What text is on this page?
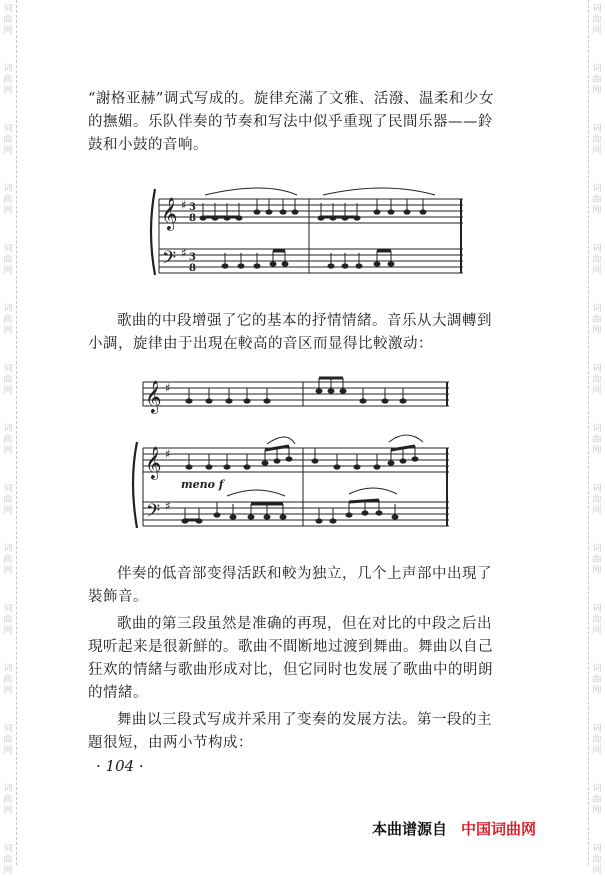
词
曲
网
词
曲
网
词
曲
网
词
曲
网
词
曲
网
词
曲
网
词
曲
网
词
曲
网
词
曲
网
词
曲
网
词
曲
网
词
曲
网
词
曲
网
词
曲
网
词
曲
网
词
曲
网
词
曲
网
词
曲
网
词
曲
网
词
曲
网
词
曲
网
词
曲
网
词
曲
网
词
曲
网
词
曲
网
词
曲
网
词
曲
网
词
曲
网
词
曲
网
词
曲
网

“謝格亚赫”调式写成的。旋律充滿了文雅、活潑、温柔和少女的撫媚。乐队伴奏的节奏和写法中似乎重现了民間乐器——鈴鼓和小鼓的音响。

𝄞
𝄢
♯
♯
3
8
3
8

歌曲的中段增强了它的基本的抒情情緒。音乐从大調轉到小調，旋律由于出現在較高的音区而显得比較激动：

𝄞
𝄞
𝄢
♯
♯
♯
meno f

伴奏的低音部变得活跃和較为独立，几个上声部中出現了裝飾音。

歌曲的第三段虽然是准确的再現，但在对比的中段之后出現听起来是很新鮮的。歌曲不間断地过渡到舞曲。舞曲以自己狂欢的情緒与歌曲形成对比，但它同时也发展了歌曲中的明朗的情緒。

舞曲以三段式写成并采用了变奏的发展方法。第一段的主題很短，由两小节构成：

· 104 ·
本曲谱源自 中国词曲网
